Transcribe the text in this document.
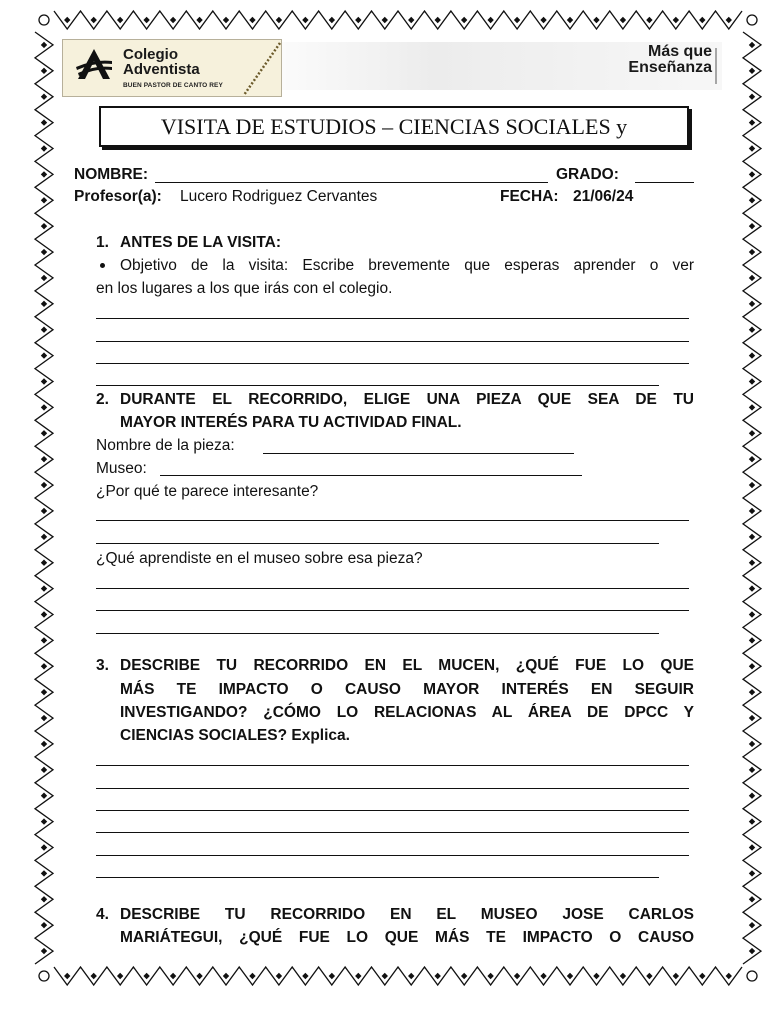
Colegio
Adventista
BUEN PASTOR DE CANTO REY
Más que
Enseñanza
VISITA DE ESTUDIOS – CIENCIAS SOCIALES y
NOMBRE:	GRADO:
Profesor(a): Lucero Rodriguez Cervantes	FECHA: 21/06/24
1. ANTES DE LA VISITA:
Objetivo de la visita: Escribe brevemente que esperas aprender o ver
en los lugares a los que irás con el colegio.
2. DURANTE EL RECORRIDO, ELIGE UNA PIEZA QUE SEA DE TU
MAYOR INTERÉS PARA TU ACTIVIDAD FINAL.
Nombre de la pieza:
Museo:
¿Por qué te parece interesante?
¿Qué aprendiste en el museo sobre esa pieza?
3. DESCRIBE TU RECORRIDO EN EL MUCEN, ¿QUÉ FUE LO QUE
MÁS TE IMPACTO O CAUSO MAYOR INTERÉS EN SEGUIR
INVESTIGANDO? ¿CÓMO LO RELACIONAS AL ÁREA DE DPCC Y
CIENCIAS SOCIALES? Explica.
4. DESCRIBE TU RECORRIDO EN EL MUSEO JOSE CARLOS
MARIÁTEGUI, ¿QUÉ FUE LO QUE MÁS TE IMPACTO O CAUSO
